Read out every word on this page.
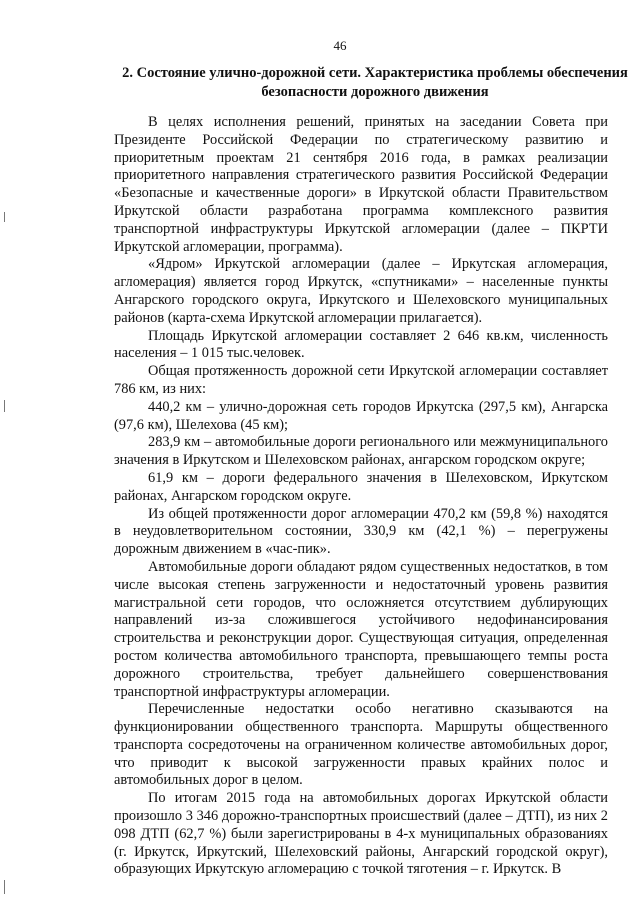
46
2. Состояние улично-дорожной сети. Характеристика проблемы обеспечения безопасности дорожного движения

В целях исполнения решений, принятых на заседании Совета при Президенте Российской Федерации по стратегическому развитию и приоритетным проектам 21 сентября 2016 года, в рамках реализации приоритетного направления стратегического развития Российской Федерации «Безопасные и качественные дороги» в Иркутской области Правительством Иркутской области разработана программа комплексного развития транспортной инфраструктуры Иркутской агломерации (далее – ПКРТИ Иркутской агломерации, программа).

«Ядром» Иркутской агломерации (далее – Иркутская агломерация, агломерация) является город Иркутск, «спутниками» – населенные пункты Ангарского городского округа, Иркутского и Шелеховского муниципальных районов (карта-схема Иркутской агломерации прилагается).

Площадь Иркутской агломерации составляет 2 646 кв.км, численность населения – 1 015 тыс.человек.

Общая протяженность дорожной сети Иркутской агломерации составляет 786 км, из них:

440,2 км – улично-дорожная сеть городов Иркутска (297,5 км), Ангарска (97,6 км), Шелехова (45 км);

283,9 км – автомобильные дороги регионального или межмуниципального значения в Иркутском и Шелеховском районах, ангарском городском округе;

61,9 км – дороги федерального значения в Шелеховском, Иркутском районах, Ангарском городском округе.

Из общей протяженности дорог агломерации 470,2 км (59,8 %) находятся в неудовлетворительном состоянии, 330,9 км (42,1 %) – перегружены дорожным движением в «час-пик».

Автомобильные дороги обладают рядом существенных недостатков, в том числе высокая степень загруженности и недостаточный уровень развития магистральной сети городов, что осложняется отсутствием дублирующих направлений из-за сложившегося устойчивого недофинансирования строительства и реконструкции дорог. Существующая ситуация, определенная ростом количества автомобильного транспорта, превышающего темпы роста дорожного строительства, требует дальнейшего совершенствования транспортной инфраструктуры агломерации.

Перечисленные недостатки особо негативно сказываются на функционировании общественного транспорта. Маршруты общественного транспорта сосредоточены на ограниченном количестве автомобильных дорог, что приводит к высокой загруженности правых крайних полос и автомобильных дорог в целом.

По итогам 2015 года на автомобильных дорогах Иркутской области произошло 3 346 дорожно-транспортных происшествий (далее – ДТП), из них 2 098 ДТП (62,7 %) были зарегистрированы в 4-х муниципальных образованиях (г. Иркутск, Иркутский, Шелеховский районы, Ангарский городской округ), образующих Иркутскую агломерацию с точкой тяготения – г. Иркутск. В
